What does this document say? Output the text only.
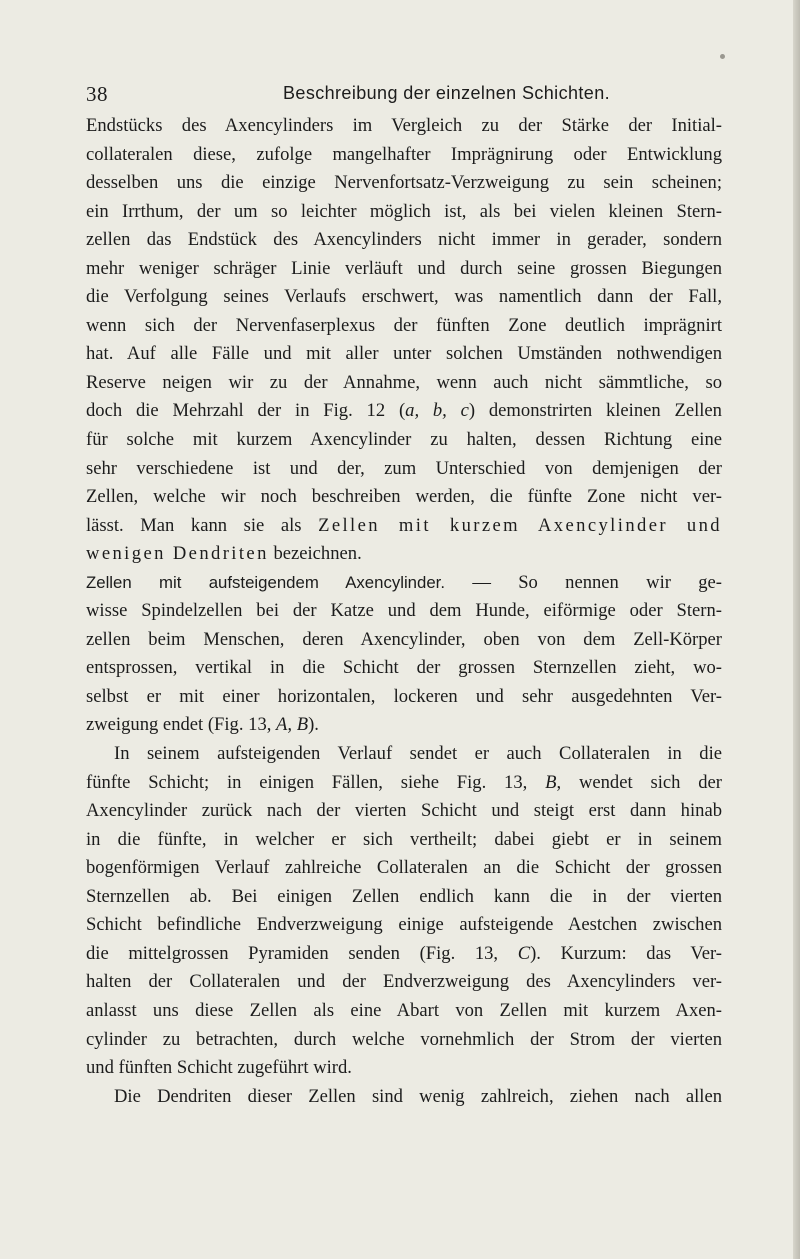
38	Beschreibung der einzelnen Schichten.
Endstücks des Axencylinders im Vergleich zu der Stärke der Initial-
collateralen diese, zufolge mangelhafter Imprägnirung oder Entwicklung
desselben uns die einzige Nervenfortsatz-Verzweigung zu sein scheinen;
ein Irrthum, der um so leichter möglich ist, als bei vielen kleinen Stern-
zellen das Endstück des Axencylinders nicht immer in gerader, sondern
mehr weniger schräger Linie verläuft und durch seine grossen Biegungen
die Verfolgung seines Verlaufs erschwert, was namentlich dann der Fall,
wenn sich der Nervenfaserplexus der fünften Zone deutlich imprägnirt
hat. Auf alle Fälle und mit aller unter solchen Umständen nothwendigen
Reserve neigen wir zu der Annahme, wenn auch nicht sämmtliche, so
doch die Mehrzahl der in Fig. 12 (a, b, c) demonstrirten kleinen Zellen
für solche mit kurzem Axencylinder zu halten, dessen Richtung eine
sehr verschiedene ist und der, zum Unterschied von demjenigen der
Zellen, welche wir noch beschreiben werden, die fünfte Zone nicht ver-
lässt. Man kann sie als Zellen mit kurzem Axencylinder und
wenigen Dendriten bezeichnen.
Zellen mit aufsteigendem Axencylinder. — So nennen wir ge-
wisse Spindelzellen bei der Katze und dem Hunde, eiförmige oder Stern-
zellen beim Menschen, deren Axencylinder, oben von dem Zell-Körper
entsprossen, vertikal in die Schicht der grossen Sternzellen zieht, wo-
selbst er mit einer horizontalen, lockeren und sehr ausgedehnten Ver-
zweigung endet (Fig. 13, A, B).
In seinem aufsteigenden Verlauf sendet er auch Collateralen in die
fünfte Schicht; in einigen Fällen, siehe Fig. 13, B, wendet sich der
Axencylinder zurück nach der vierten Schicht und steigt erst dann hinab
in die fünfte, in welcher er sich vertheilt; dabei giebt er in seinem
bogenförmigen Verlauf zahlreiche Collateralen an die Schicht der grossen
Sternzellen ab. Bei einigen Zellen endlich kann die in der vierten
Schicht befindliche Endverzweigung einige aufsteigende Aestchen zwischen
die mittelgrossen Pyramiden senden (Fig. 13, C). Kurzum: das Ver-
halten der Collateralen und der Endverzweigung des Axencylinders ver-
anlasst uns diese Zellen als eine Abart von Zellen mit kurzem Axen-
cylinder zu betrachten, durch welche vornehmlich der Strom der vierten
und fünften Schicht zugeführt wird.
Die Dendriten dieser Zellen sind wenig zahlreich, ziehen nach allen
